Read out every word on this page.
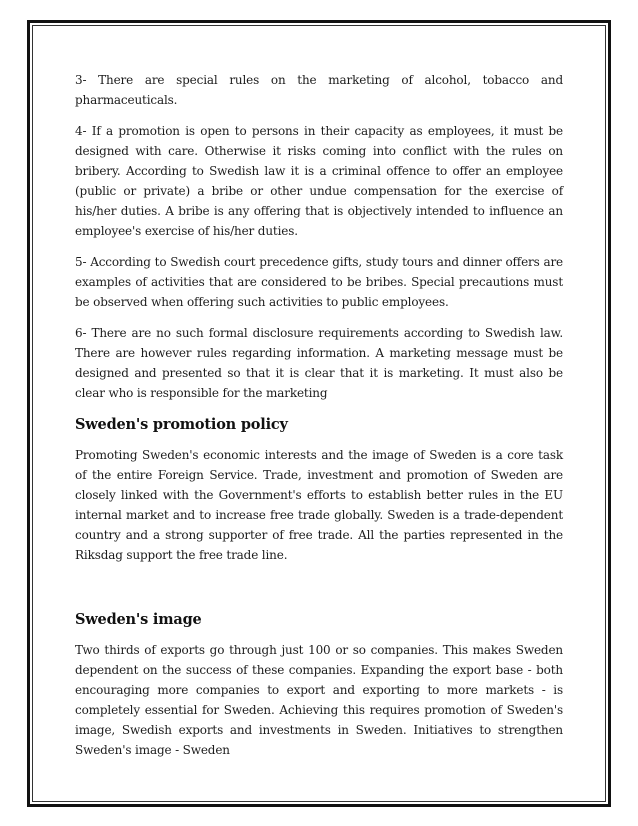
3- There are special rules on the marketing of alcohol, tobacco and pharmaceuticals.

4- If a promotion is open to persons in their capacity as employees, it must be designed with care. Otherwise it risks coming into conflict with the rules on bribery. According to Swedish law it is a criminal offence to offer an employee (public or private) a bribe or other undue compensation for the exercise of his/her duties. A bribe is any offering that is objectively intended to influence an employee's exercise of his/her duties.

5- According to Swedish court precedence gifts, study tours and dinner offers are examples of activities that are considered to be bribes. Special precautions must be observed when offering such activities to public employees.

6- There are no such formal disclosure requirements according to Swedish law. There are however rules regarding information. A marketing message must be designed and presented so that it is clear that it is marketing. It must also be clear who is responsible for the marketing

Sweden's promotion policy

Promoting Sweden's economic interests and the image of Sweden is a core task of the entire Foreign Service. Trade, investment and promotion of Sweden are closely linked with the Government's efforts to establish better rules in the EU internal market and to increase free trade globally. Sweden is a trade-dependent country and a strong supporter of free trade. All the parties represented in the Riksdag support the free trade line.

Sweden's image

Two thirds of exports go through just 100 or so companies. This makes Sweden dependent on the success of these companies. Expanding the export base - both encouraging more companies to export and exporting to more markets - is completely essential for Sweden. Achieving this requires promotion of Sweden's image, Swedish exports and investments in Sweden. Initiatives to strengthen Sweden's image - Sweden
